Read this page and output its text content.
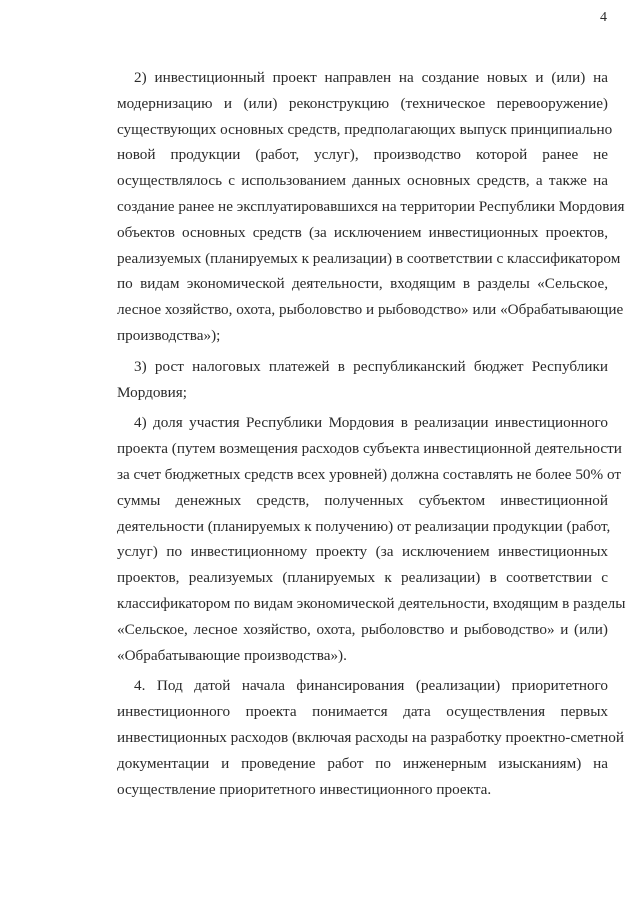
4
2) инвестиционный проект направлен на создание новых и (или) на
модернизацию и (или) реконструкцию (техническое перевооружение)
существующих основных средств, предполагающих выпуск принципиально
новой продукции (работ, услуг), производство которой ранее не
осуществлялось с использованием данных основных средств, а также на
создание ранее не эксплуатировавшихся на территории Республики Мордовия
объектов основных средств (за исключением инвестиционных проектов,
реализуемых (планируемых к реализации) в соответствии с классификатором
по видам экономической деятельности, входящим в разделы «Сельское,
лесное хозяйство, охота, рыболовство и рыбоводство» или «Обрабатывающие
производства»);
3) рост налоговых платежей в республиканский бюджет Республики
Мордовия;
4) доля участия Республики Мордовия в реализации инвестиционного
проекта (путем возмещения расходов субъекта инвестиционной деятельности
за счет бюджетных средств всех уровней) должна составлять не более 50% от
суммы денежных средств, полученных субъектом инвестиционной
деятельности (планируемых к получению) от реализации продукции (работ,
услуг) по инвестиционному проекту (за исключением инвестиционных
проектов, реализуемых (планируемых к реализации) в соответствии с
классификатором по видам экономической деятельности, входящим в разделы
«Сельское, лесное хозяйство, охота, рыболовство и рыбоводство» и (или)
«Обрабатывающие производства»).
4. Под датой начала финансирования (реализации) приоритетного
инвестиционного проекта понимается дата осуществления первых
инвестиционных расходов (включая расходы на разработку проектно-сметной
документации и проведение работ по инженерным изысканиям) на
осуществление приоритетного инвестиционного проекта.
